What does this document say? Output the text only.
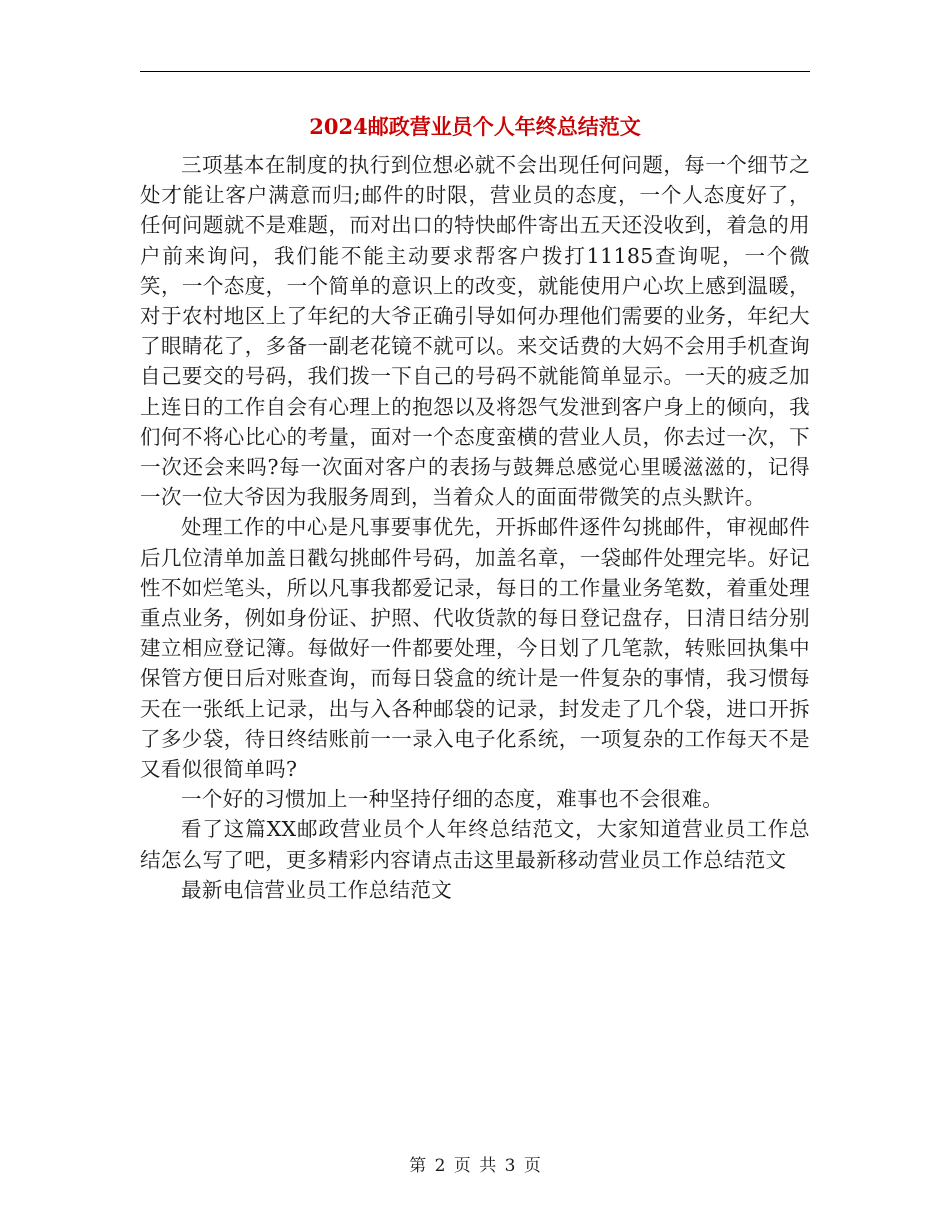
2024邮政营业员个人年终总结范文

三项基本在制度的执行到位想必就不会出现任何问题，每一个细节之处才能让客户满意而归;邮件的时限，营业员的态度，一个人态度好了，任何问题就不是难题，而对出口的特快邮件寄出五天还没收到，着急的用户前来询问，我们能不能主动要求帮客户拨打11185查询呢，一个微笑，一个态度，一个简单的意识上的改变，就能使用户心坎上感到温暖，对于农村地区上了年纪的大爷正确引导如何办理他们需要的业务，年纪大了眼睛花了，多备一副老花镜不就可以。来交话费的大妈不会用手机查询自己要交的号码，我们拨一下自己的号码不就能简单显示。一天的疲乏加上连日的工作自会有心理上的抱怨以及将怨气发泄到客户身上的倾向，我们何不将心比心的考量，面对一个态度蛮横的营业人员，你去过一次，下一次还会来吗?每一次面对客户的表扬与鼓舞总感觉心里暖滋滋的，记得一次一位大爷因为我服务周到，当着众人的面面带微笑的点头默许。

处理工作的中心是凡事要事优先，开拆邮件逐件勾挑邮件，审视邮件后几位清单加盖日戳勾挑邮件号码，加盖名章，一袋邮件处理完毕。好记性不如烂笔头，所以凡事我都爱记录，每日的工作量业务笔数，着重处理重点业务，例如身份证、护照、代收货款的每日登记盘存，日清日结分别建立相应登记簿。每做好一件都要处理，今日划了几笔款，转账回执集中保管方便日后对账查询，而每日袋盒的统计是一件复杂的事情，我习惯每天在一张纸上记录，出与入各种邮袋的记录，封发走了几个袋，进口开拆了多少袋，待日终结账前一一录入电子化系统，一项复杂的工作每天不是又看似很简单吗?

一个好的习惯加上一种坚持仔细的态度，难事也不会很难。

看了这篇XX邮政营业员个人年终总结范文，大家知道营业员工作总结怎么写了吧，更多精彩内容请点击这里最新移动营业员工作总结范文

最新电信营业员工作总结范文

第 2 页 共 3 页
